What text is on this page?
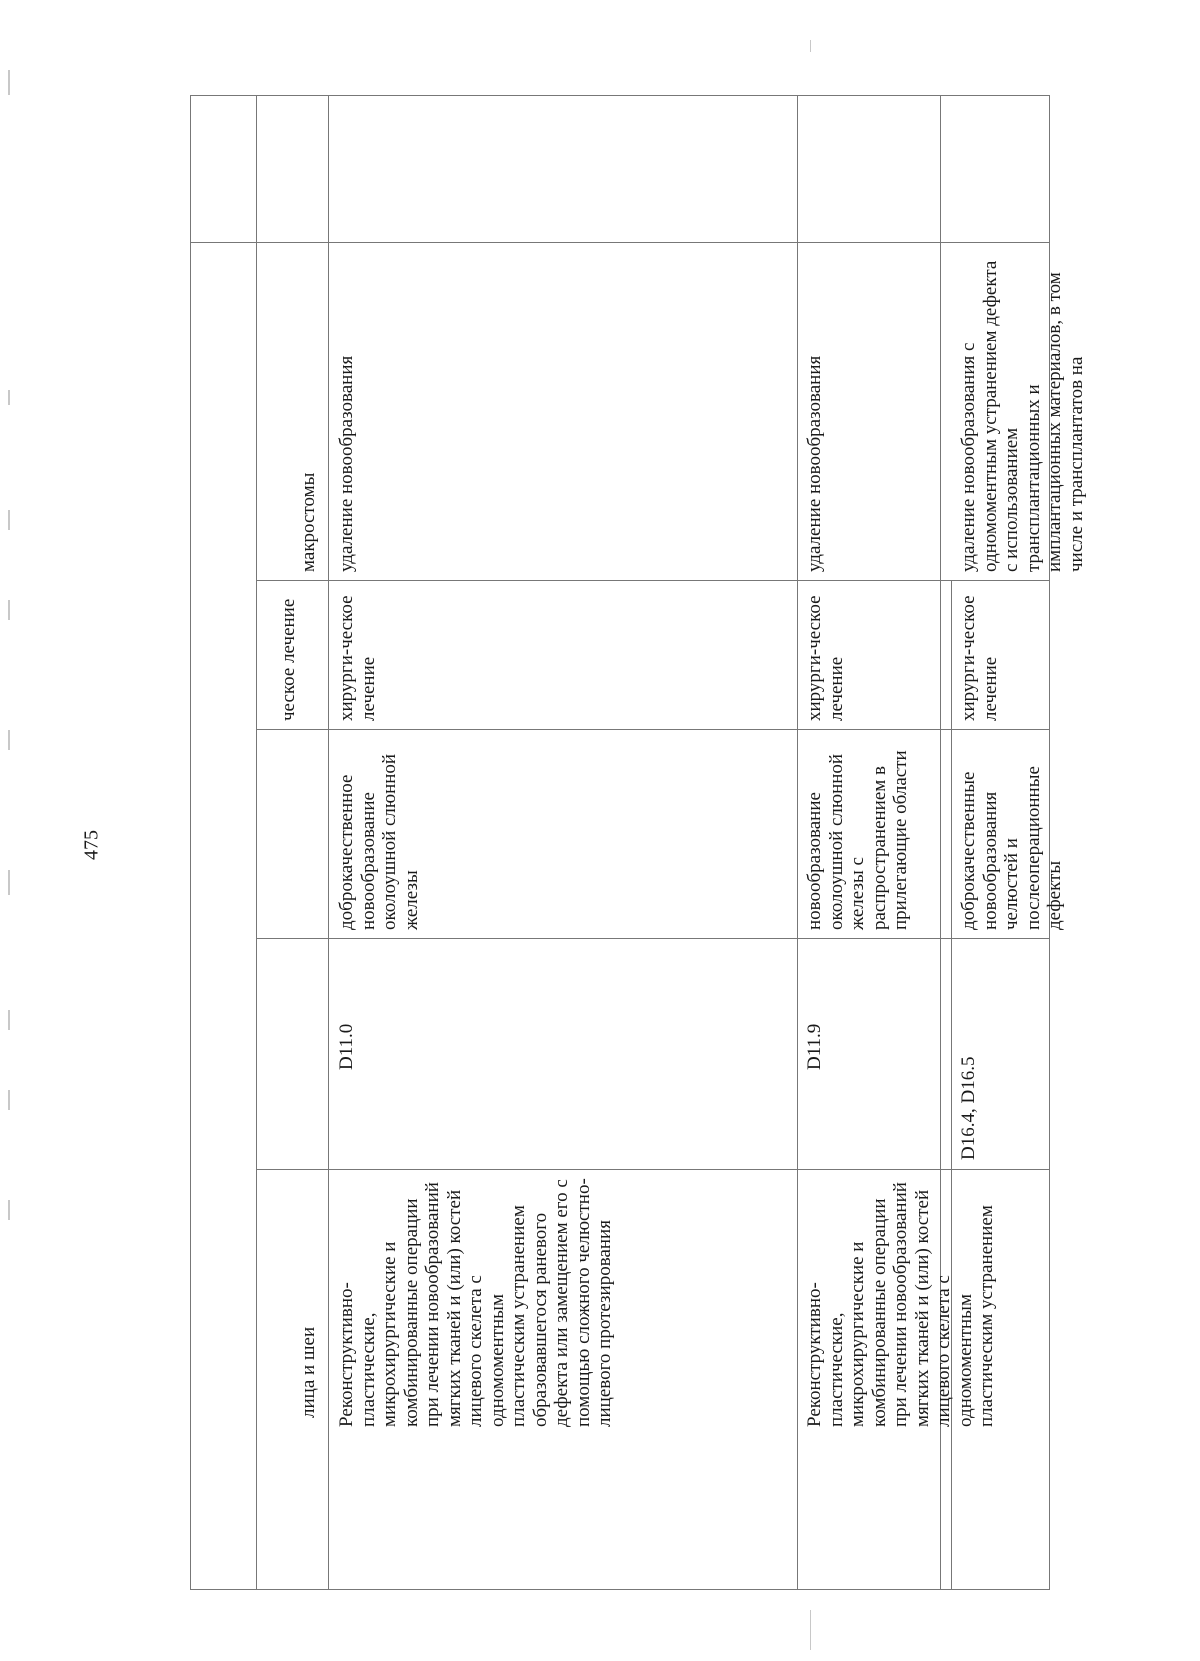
475
лица и шеи
ческое лечение
макростомы
Реконструктивно-пластические, микрохирургические и комбинированные операции при лечении новообразований мягких тканей и (или) костей лицевого скелета с одномоментным пластическим устранением образовавшегося раневого дефекта или замещением его с помощью сложного челюстно-лицевого протезирования
D11.0
доброкачественное новообразование околоушной слюнной железы
хирурги-ческое лечение
удаление новообразования
Реконструктивно-пластические, микрохирургические и комбинированные операции при лечении новообразований мягких тканей и (или) костей лицевого скелета с одномоментным пластическим устранением
D11.9
новообразование околоушной слюнной железы с распространением в прилегающие области
хирурги-ческое лечение
удаление новообразования
D16.4, D16.5
доброкачественные новообразования челюстей и послеоперационные дефекты
хирурги-ческое лечение
удаление новообразования с одномоментным устранением дефекта с использованием трансплантационных и имплантационных материалов, в том числе и трансплантатов на
